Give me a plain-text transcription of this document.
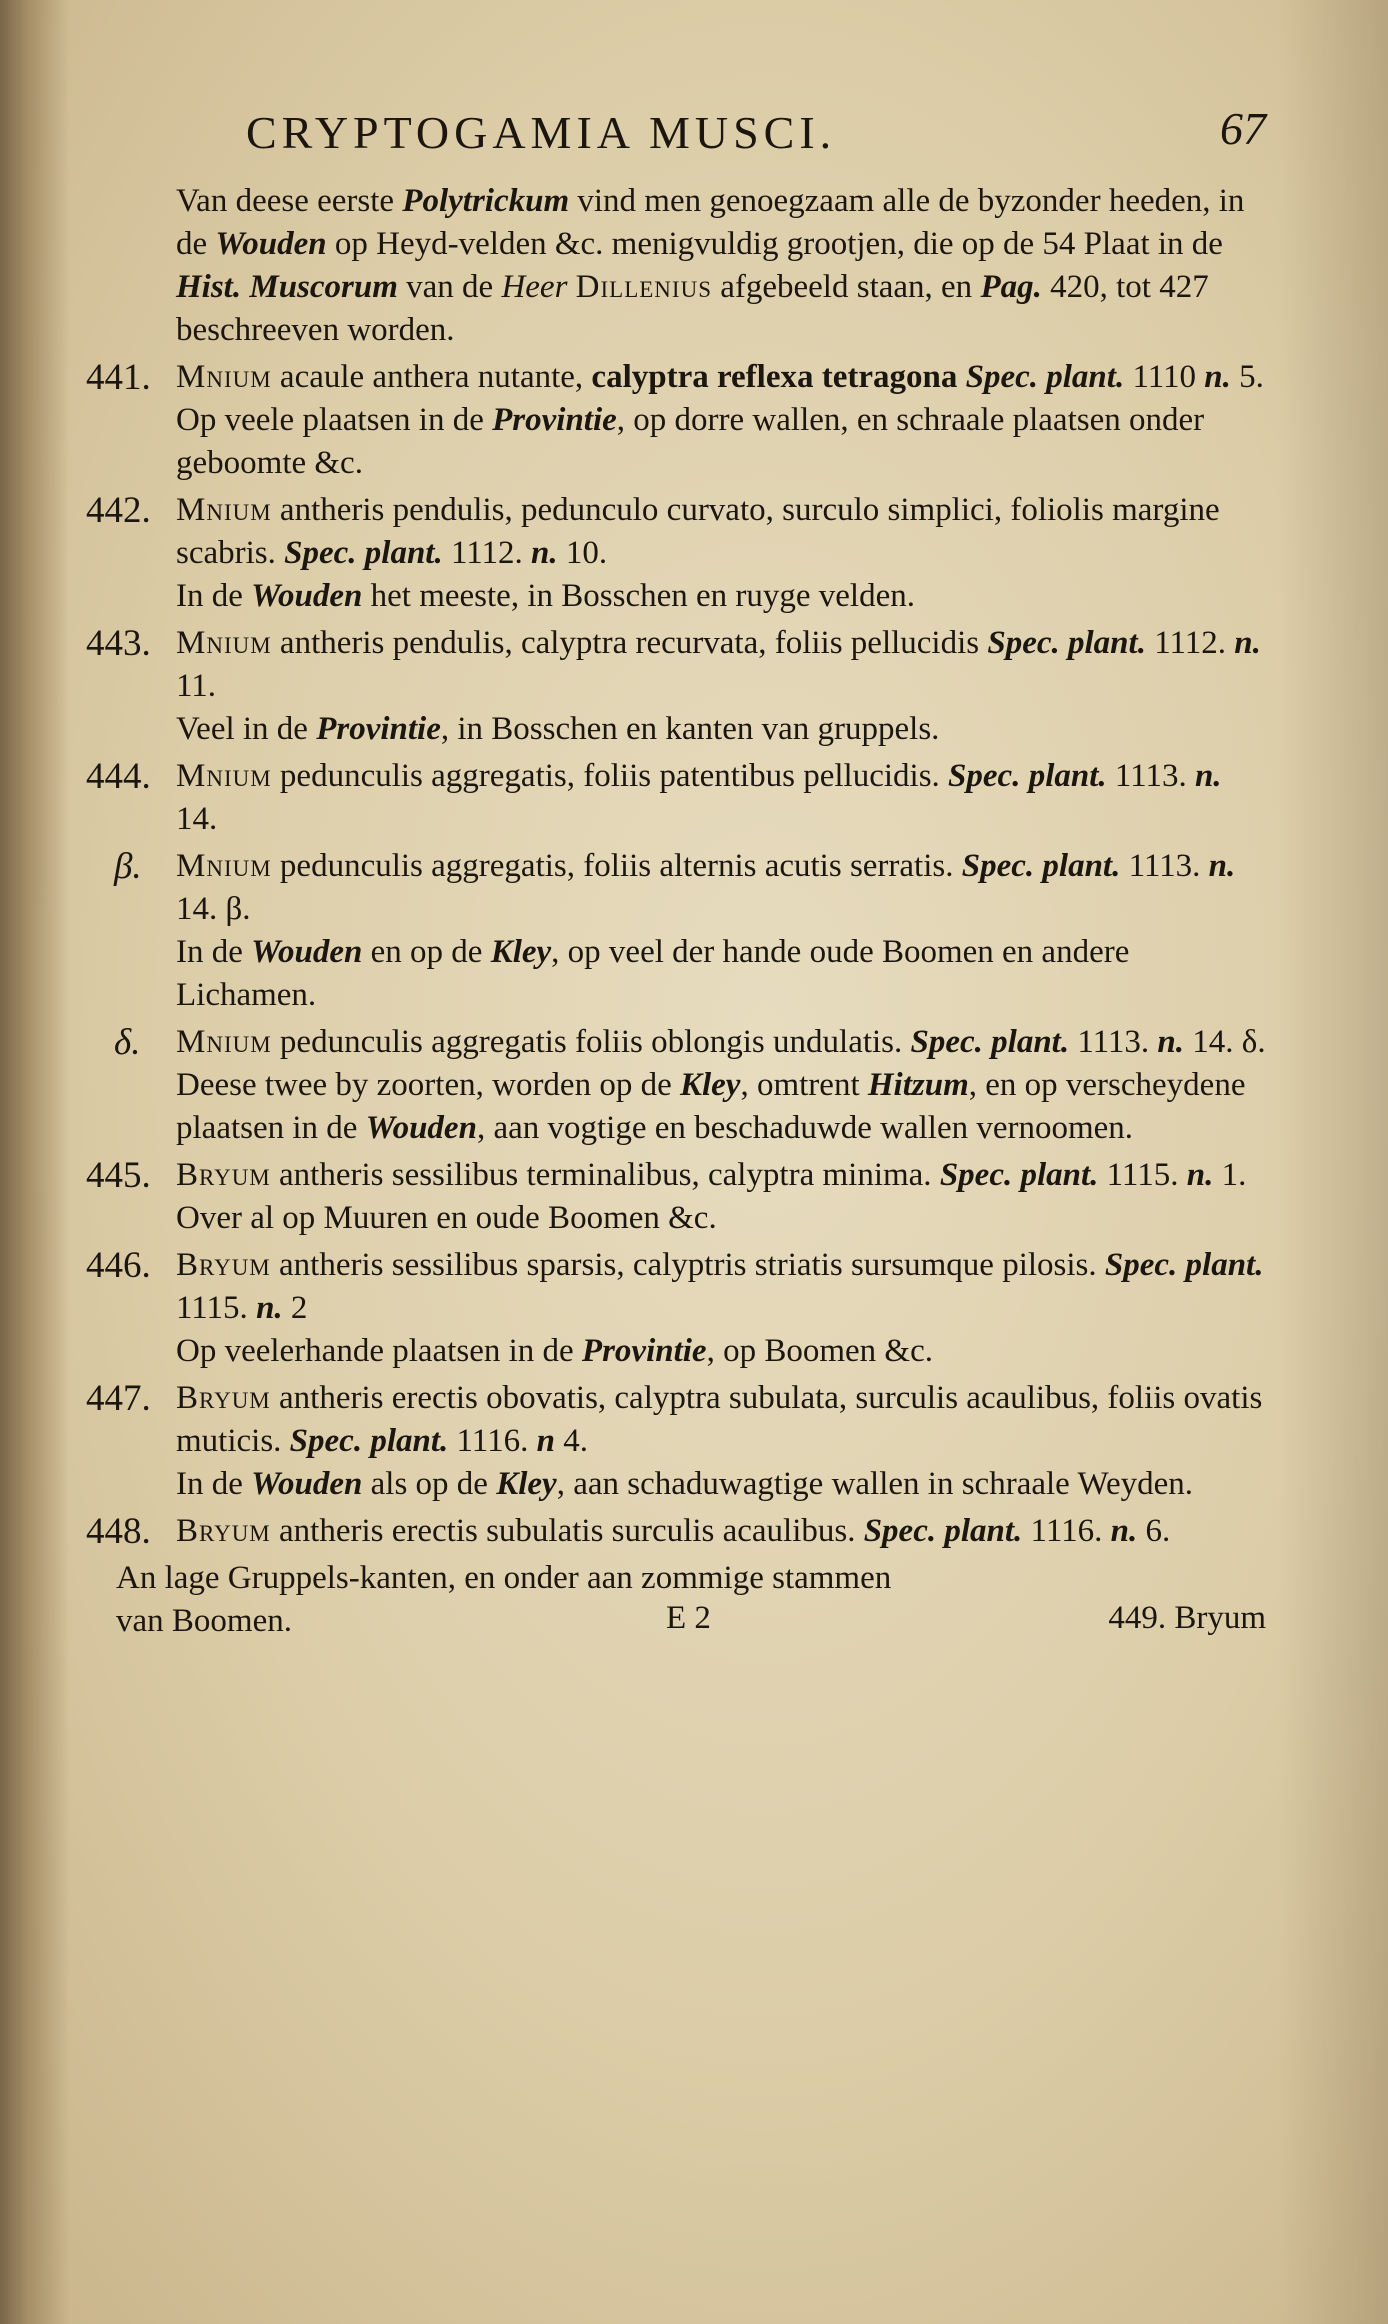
CRYPTOGAMIA MUSCI.	67

Van deese eerste Polytrickum vind men genoegzaam alle de byzonder heeden, in de Wouden op Heyd-velden &c. menigvuldig grootjen, die op de 54 Plaat in de Hist. Muscorum van de Heer Dillenius afgebeeld staan, en Pag. 420, tot 427 beschreeven worden.

441. Mnium acaule anthera nutante, calyptra reflexa tetragona Spec. plant. 1110 n. 5.

Op veele plaatsen in de Provintie, op dorre wallen, en schraale plaatsen onder geboomte &c.

442. Mnium antheris pendulis, pedunculo curvato, surculo simplici, foliolis margine scabris. Spec. plant. 1112. n. 10.

In de Wouden het meeste, in Bosschen en ruyge velden.

443. Mnium antheris pendulis, calyptra recurvata, foliis pellucidis Spec. plant. 1112. n. 11.

Veel in de Provintie, in Bosschen en kanten van gruppels.

444. Mnium pedunculis aggregatis, foliis patentibus pellucidis. Spec. plant. 1113. n. 14.

β. Mnium pedunculis aggregatis, foliis alternis acutis serratis. Spec. plant. 1113. n. 14. β.

In de Wouden en op de Kley, op veel der hande oude Boomen en andere Lichamen.

δ. Mnium pedunculis aggregatis foliis oblongis undulatis. Spec. plant. 1113. n. 14. δ.

Deese twee by zoorten, worden op de Kley, omtrent Hitzum, en op verscheydene plaatsen in de Wouden, aan vogtige en beschaduwde wallen vernoomen.

445. Bryum antheris sessilibus terminalibus, calyptra minima. Spec. plant. 1115. n. 1.

Over al op Muuren en oude Boomen &c.

446. Bryum antheris sessilibus sparsis, calyptris striatis sursumque pilosis. Spec. plant. 1115. n. 2

Op veelerhande plaatsen in de Provintie, op Boomen &c.

447. Bryum antheris erectis obovatis, calyptra subulata, surculis acaulibus, foliis ovatis muticis. Spec. plant. 1116. n 4.

In de Wouden als op de Kley, aan schaduwagtige wallen in schraale Weyden.

448. Bryum antheris erectis subulatis surculis acaulibus. Spec. plant. 1116. n. 6.

An lage Gruppels-kanten, en onder aan zommige stammen

van Boomen.	E 2	449. Bryum
